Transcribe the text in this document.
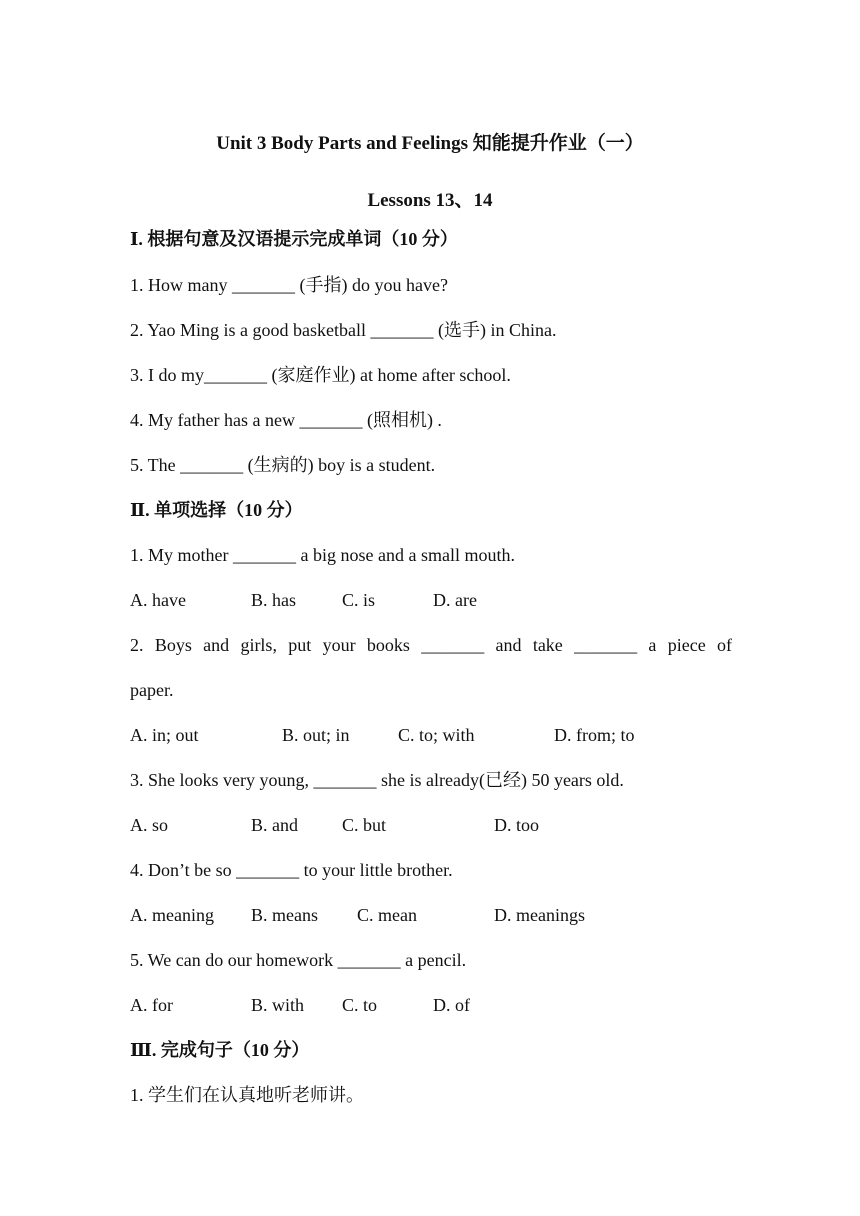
Unit 3 Body Parts and Feelings 知能提升作业（一）
Lessons 13、14
Ⅰ. 根据句意及汉语提示完成单词（10 分）
1. How many _______ (手指) do you have?
2. Yao Ming is a good basketball _______ (选手) in China.
3. I do my_______ (家庭作业) at home after school.
4. My father has a new _______ (照相机) .
5. The _______ (生病的) boy is a student.
Ⅱ. 单项选择（10 分）
1. My mother _______ a big nose and a small mouth.
A. have	B. has	C. is	D. are
2. Boys and girls, put your books _______ and take _______ a piece of
paper.
A. in; out	B. out; in	C. to; with	D. from; to
3. She looks very young, _______ she is already(已经) 50 years old.
A. so	B. and C. but	D. too
4. Don’t be so _______ to your little brother.
A. meaning B. means C. mean	D. meanings
5. We can do our homework _______ a pencil.
A. for	B. with C. to	D. of
Ⅲ. 完成句子（10 分）
1. 学生们在认真地听老师讲。
